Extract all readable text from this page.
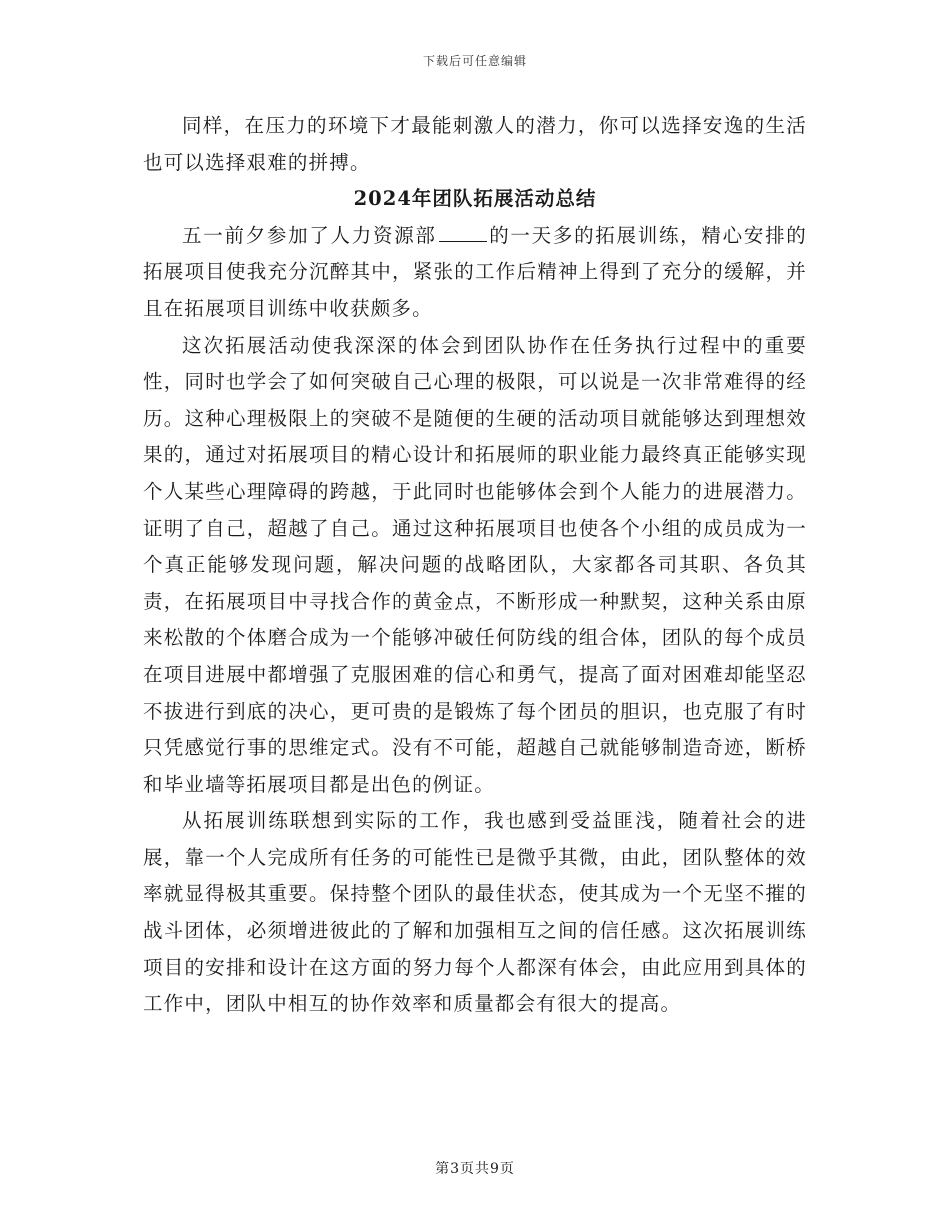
下载后可任意编辑

同样，在压力的环境下才最能刺激人的潜力，你可以选择安逸的生活也可以选择艰难的拼搏。

2024年团队拓展活动总结

五一前夕参加了人力资源部	的一天多的拓展训练，精心安排的拓展项目使我充分沉醉其中，紧张的工作后精神上得到了充分的缓解，并且在拓展项目训练中收获颇多。

这次拓展活动使我深深的体会到团队协作在任务执行过程中的重要性，同时也学会了如何突破自己心理的极限，可以说是一次非常难得的经历。这种心理极限上的突破不是随便的生硬的活动项目就能够达到理想效果的，通过对拓展项目的精心设计和拓展师的职业能力最终真正能够实现个人某些心理障碍的跨越，于此同时也能够体会到个人能力的进展潜力。证明了自己，超越了自己。通过这种拓展项目也使各个小组的成员成为一个真正能够发现问题，解决问题的战略团队，大家都各司其职、各负其责，在拓展项目中寻找合作的黄金点，不断形成一种默契，这种关系由原来松散的个体磨合成为一个能够冲破任何防线的组合体，团队的每个成员在项目进展中都增强了克服困难的信心和勇气，提高了面对困难却能坚忍不拔进行到底的决心，更可贵的是锻炼了每个团员的胆识，也克服了有时只凭感觉行事的思维定式。没有不可能，超越自己就能够制造奇迹，断桥和毕业墙等拓展项目都是出色的例证。

从拓展训练联想到实际的工作，我也感到受益匪浅，随着社会的进展，靠一个人完成所有任务的可能性已是微乎其微，由此，团队整体的效率就显得极其重要。保持整个团队的最佳状态，使其成为一个无坚不摧的战斗团体，必须增进彼此的了解和加强相互之间的信任感。这次拓展训练项目的安排和设计在这方面的努力每个人都深有体会，由此应用到具体的工作中，团队中相互的协作效率和质量都会有很大的提高。

第3页共9页
